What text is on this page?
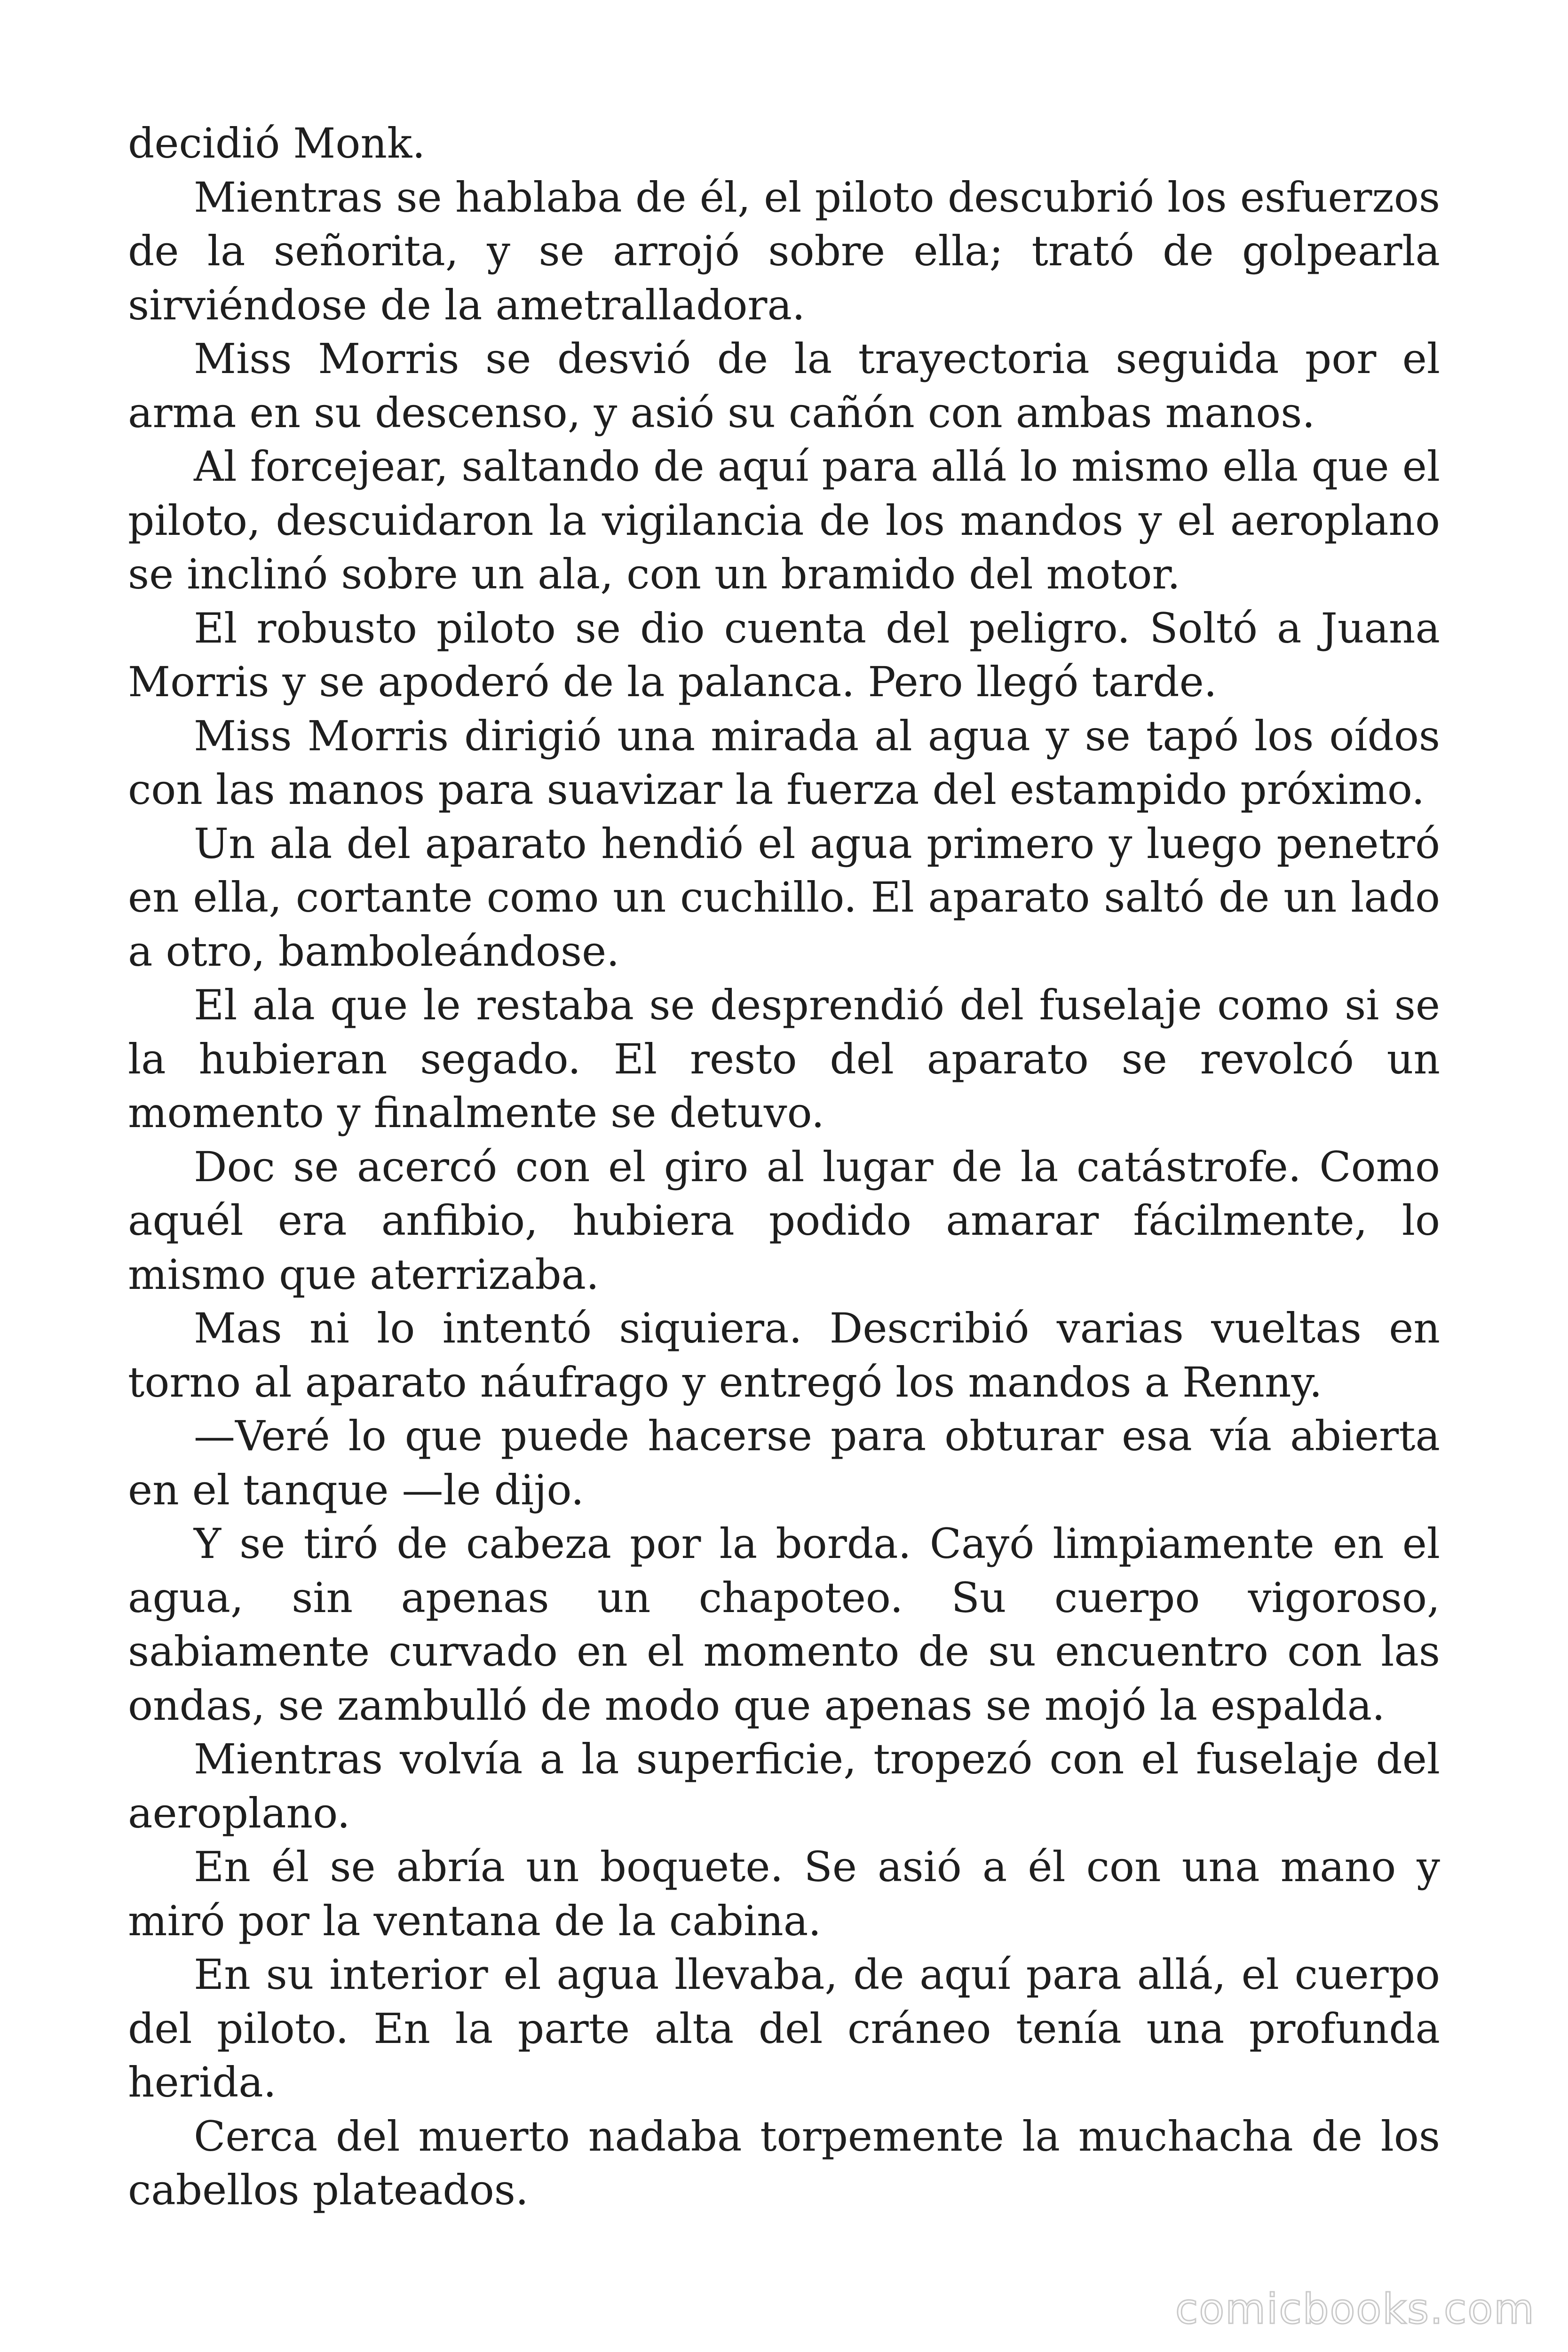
decidió Monk.

Mientras se hablaba de él, el piloto descubrió los esfuerzos de la señorita, y se arrojó sobre ella; trató de golpearla sirviéndose de la ametralladora.

Miss Morris se desvió de la trayectoria seguida por el arma en su descenso, y asió su cañón con ambas manos.

Al forcejear, saltando de aquí para allá lo mismo ella que el piloto, descuidaron la vigilancia de los mandos y el aeroplano se inclinó sobre un ala, con un bramido del motor.

El robusto piloto se dio cuenta del peligro. Soltó a Juana Morris y se apoderó de la palanca. Pero llegó tarde.

Miss Morris dirigió una mirada al agua y se tapó los oídos con las manos para suavizar la fuerza del estampido próximo.

Un ala del aparato hendió el agua primero y luego penetró en ella, cortante como un cuchillo. El aparato saltó de un lado a otro, bamboleándose.

El ala que le restaba se desprendió del fuselaje como si se la hubieran segado. El resto del aparato se revolcó un momento y finalmente se detuvo.

Doc se acercó con el giro al lugar de la catástrofe. Como aquél era anfibio, hubiera podido amarar fácilmente, lo mismo que aterrizaba.

Mas ni lo intentó siquiera. Describió varias vueltas en torno al aparato náufrago y entregó los mandos a Renny.

—Veré lo que puede hacerse para obturar esa vía abierta en el tanque —le dijo.

Y se tiró de cabeza por la borda. Cayó limpiamente en el agua, sin apenas un chapoteo. Su cuerpo vigoroso, sabiamente curvado en el momento de su encuentro con las ondas, se zambulló de modo que apenas se mojó la espalda.

Mientras volvía a la superficie, tropezó con el fuselaje del aeroplano.

En él se abría un boquete. Se asió a él con una mano y miró por la ventana de la cabina.

En su interior el agua llevaba, de aquí para allá, el cuerpo del piloto. En la parte alta del cráneo tenía una profunda herida.

Cerca del muerto nadaba torpemente la muchacha de los cabellos plateados.

comicbooks.com
